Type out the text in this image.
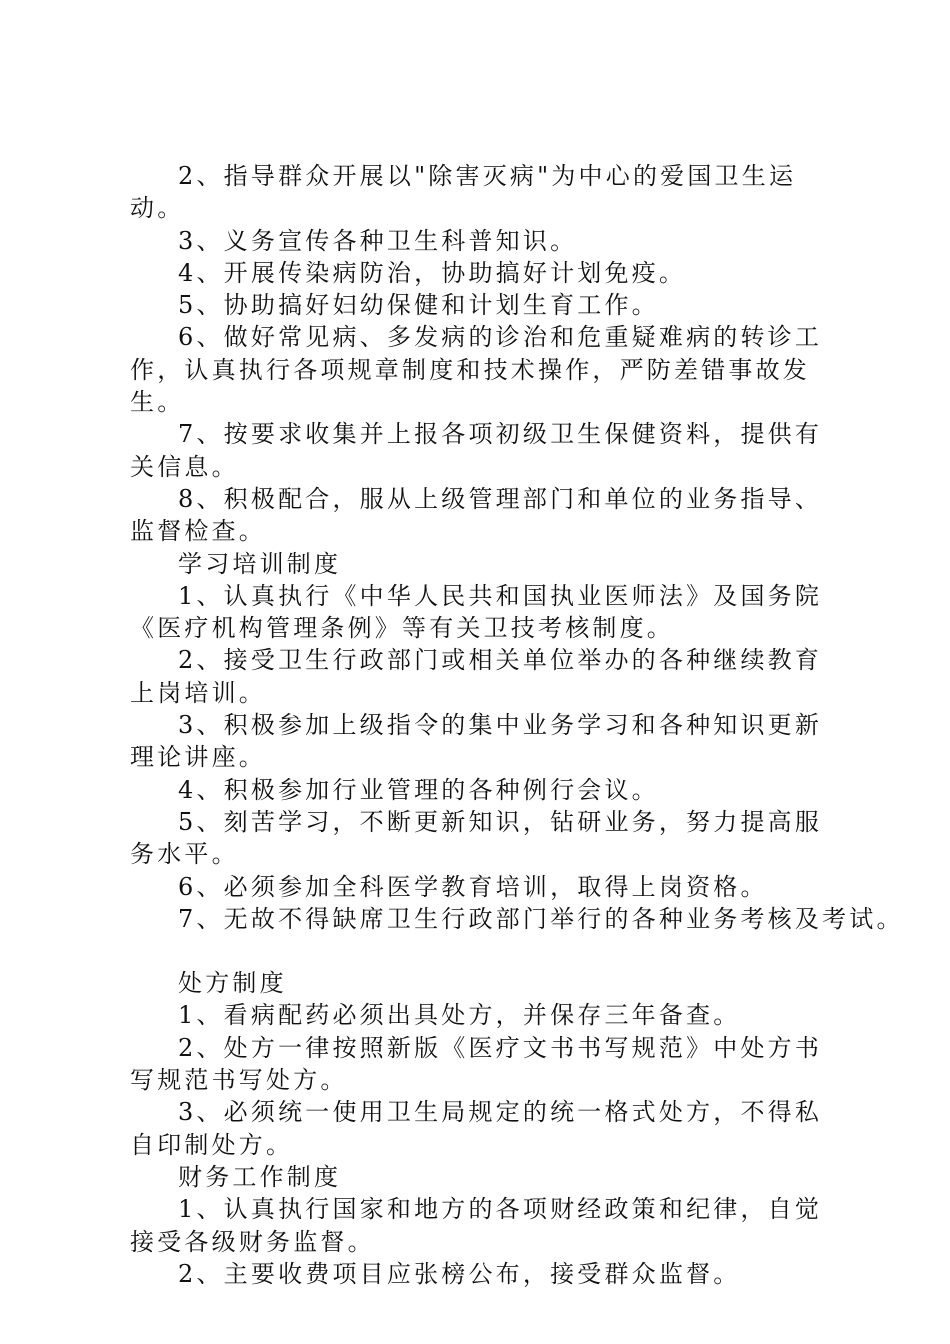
2、指导群众开展以"除害灭病"为中心的爱国卫生运动。

3、义务宣传各种卫生科普知识。

4、开展传染病防治，协助搞好计划免疫。

5、协助搞好妇幼保健和计划生育工作。

6、做好常见病、多发病的诊治和危重疑难病的转诊工作，认真执行各项规章制度和技术操作，严防差错事故发生。

7、按要求收集并上报各项初级卫生保健资料，提供有关信息。

8、积极配合，服从上级管理部门和单位的业务指导、监督检查。

学习培训制度

1、认真执行《中华人民共和国执业医师法》及国务院《医疗机构管理条例》等有关卫技考核制度。

2、接受卫生行政部门或相关单位举办的各种继续教育上岗培训。

3、积极参加上级指令的集中业务学习和各种知识更新理论讲座。

4、积极参加行业管理的各种例行会议。

5、刻苦学习，不断更新知识，钻研业务，努力提高服务水平。

6、必须参加全科医学教育培训，取得上岗资格。

7、无故不得缺席卫生行政部门举行的各种业务考核及考试。

处方制度

1、看病配药必须出具处方，并保存三年备查。

2、处方一律按照新版《医疗文书书写规范》中处方书写规范书写处方。

3、必须统一使用卫生局规定的统一格式处方，不得私自印制处方。

财务工作制度

1、认真执行国家和地方的各项财经政策和纪律，自觉接受各级财务监督。

2、主要收费项目应张榜公布，接受群众监督。
